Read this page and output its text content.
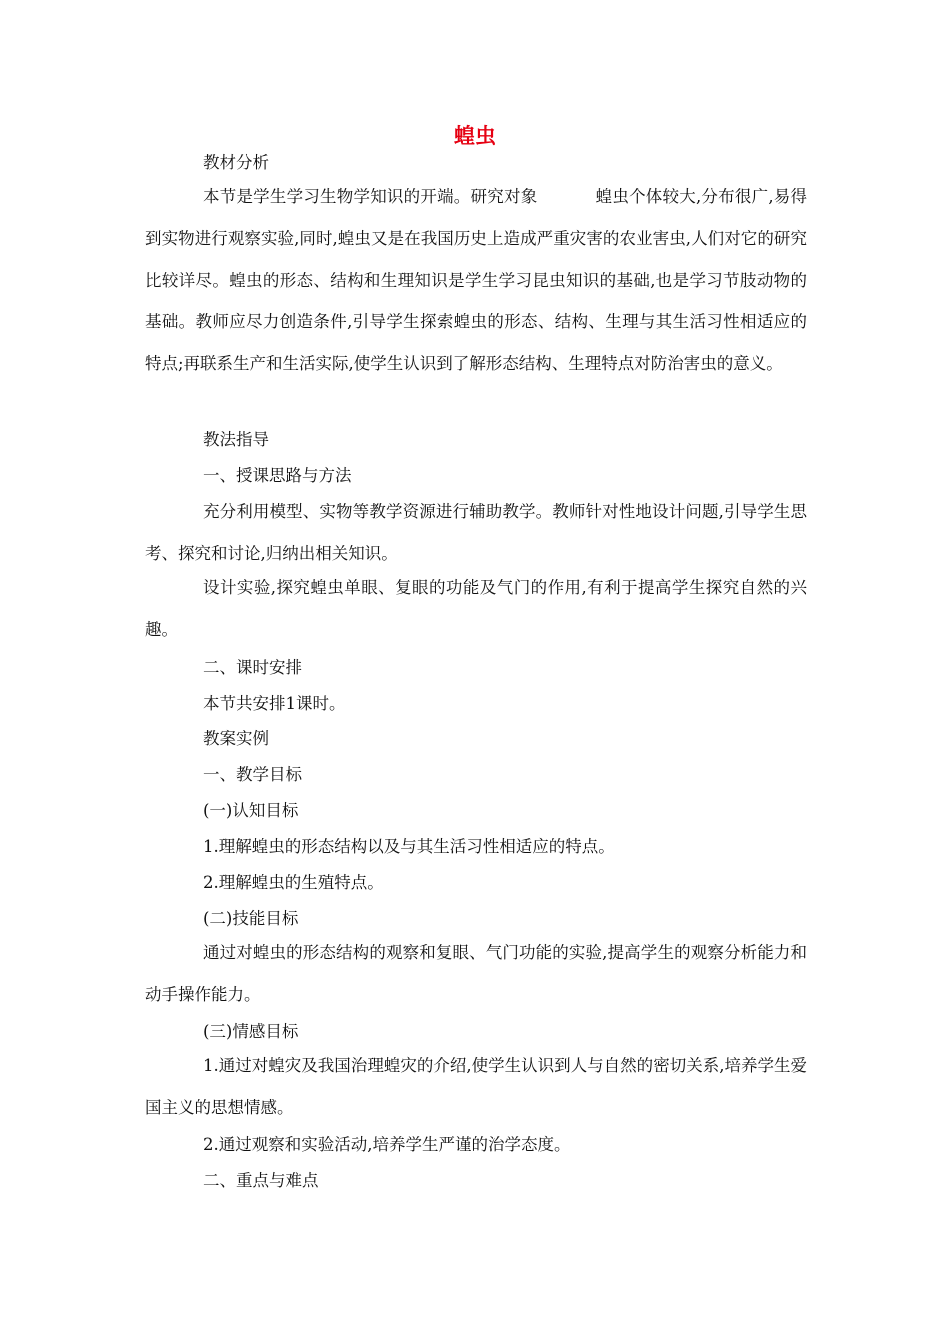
蝗虫
教材分析

本节是学生学习生物学知识的开端。研究对象	蝗虫个体较大,分布很广,易得到实物进行观察实验,同时,蝗虫又是在我国历史上造成严重灾害的农业害虫,人们对它的研究比较详尽。蝗虫的形态、结构和生理知识是学生学习昆虫知识的基础,也是学习节肢动物的基础。教师应尽力创造条件,引导学生探索蝗虫的形态、结构、生理与其生活习性相适应的特点;再联系生产和生活实际,使学生认识到了解形态结构、生理特点对防治害虫的意义。

教法指导
一、授课思路与方法

充分利用模型、实物等教学资源进行辅助教学。教师针对性地设计问题,引导学生思考、探究和讨论,归纳出相关知识。

设计实验,探究蝗虫单眼、复眼的功能及气门的作用,有利于提高学生探究自然的兴趣。

二、课时安排
本节共安排1课时。
教案实例
一、教学目标
(一)认知目标
1.理解蝗虫的形态结构以及与其生活习性相适应的特点。
2.理解蝗虫的生殖特点。
(二)技能目标

通过对蝗虫的形态结构的观察和复眼、气门功能的实验,提高学生的观察分析能力和动手操作能力。

(三)情感目标

1.通过对蝗灾及我国治理蝗灾的介绍,使学生认识到人与自然的密切关系,培养学生爱国主义的思想情感。

2.通过观察和实验活动,培养学生严谨的治学态度。
二、重点与难点
